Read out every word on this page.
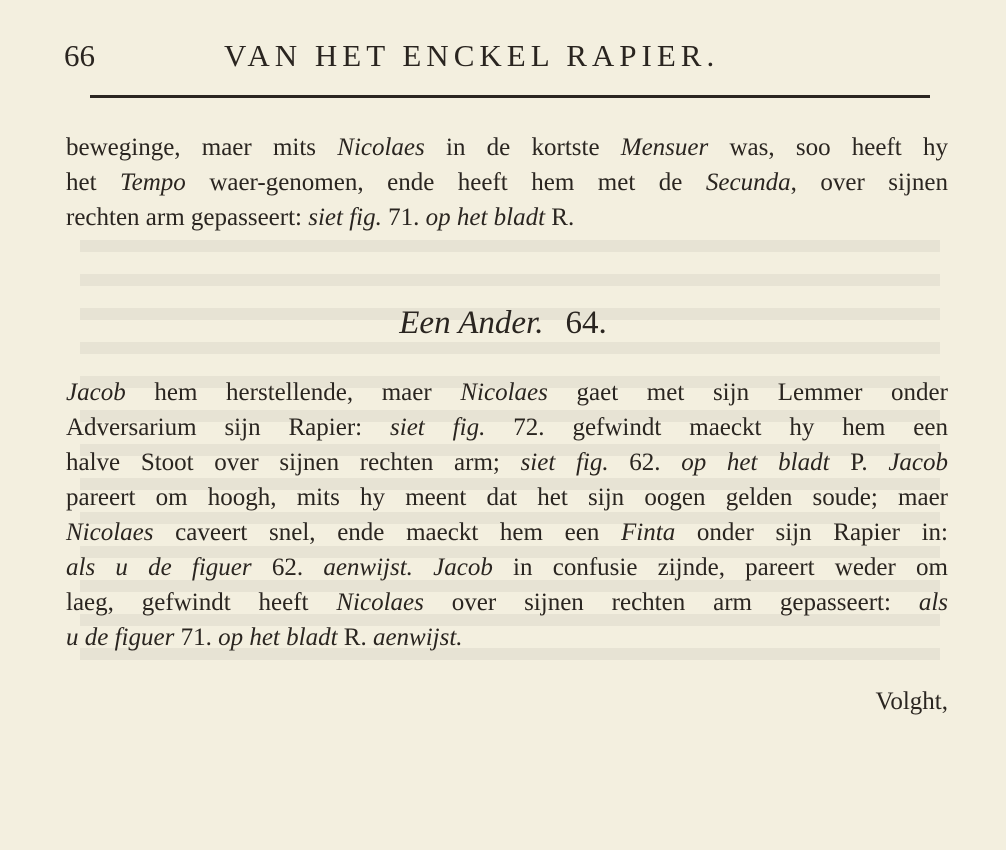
66	VAN HET ENCKEL RAPIER.
beweginge, maer mits Nicolaes in de kortste Mensuer was, soo heeft hy
het Tempo waer-genomen, ende heeft hem met de Secunda, over sijnen
rechten arm gepasseert: siet fig. 71. op het bladt R.
Een Ander. 64.
Jacob hem herstellende, maer Nicolaes gaet met sijn Lemmer onder
Adversarium sijn Rapier: siet fig. 72. gefwindt maeckt hy hem een
halve Stoot over sijnen rechten arm; siet fig. 62. op het bladt P. Jacob
pareert om hoogh, mits hy meent dat het sijn oogen gelden soude; maer
Nicolaes caveert snel, ende maeckt hem een Finta onder sijn Rapier in:
als u de figuer 62. aenwijst. Jacob in confusie zijnde, pareert weder om
laeg, gefwindt heeft Nicolaes over sijnen rechten arm gepasseert: als
u de figuer 71. op het bladt R. aenwijst.
Volght,
